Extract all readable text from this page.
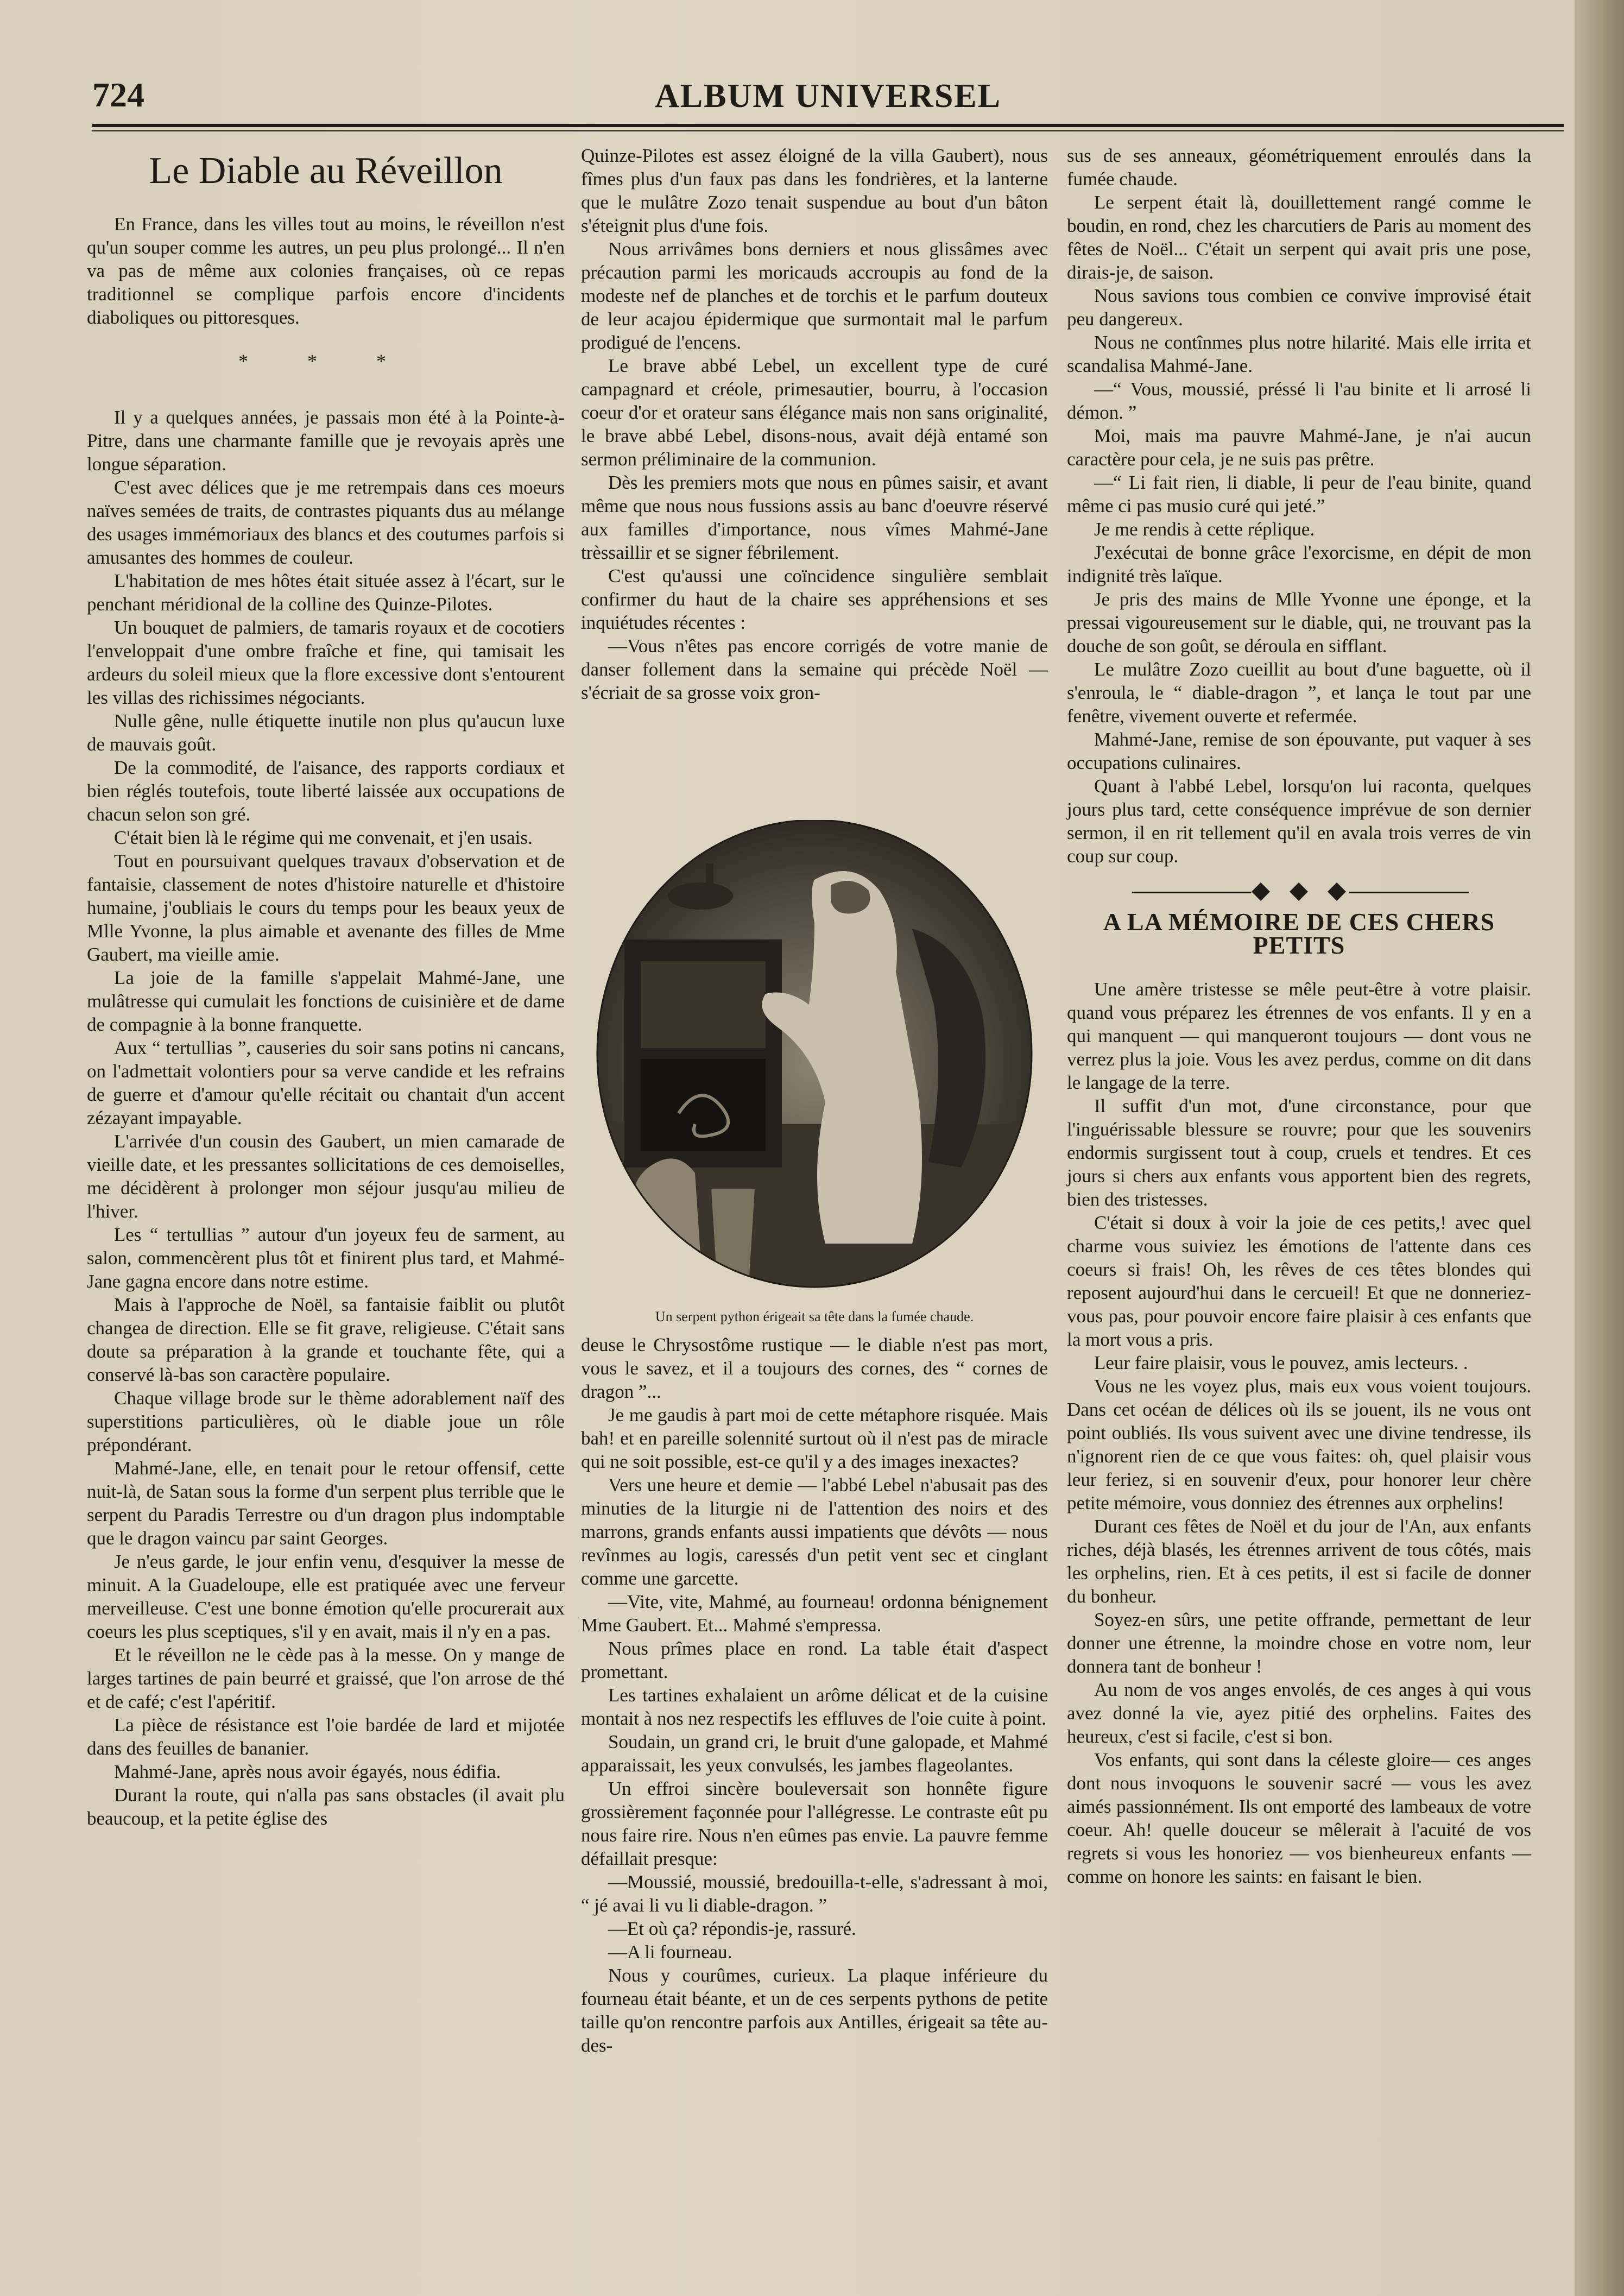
724	ALBUM UNIVERSEL
Le Diable au Réveillon

En France, dans les villes tout au moins, le réveillon n'est qu'un souper comme les autres, un peu plus prolongé... Il n'en va pas de même aux colonies françaises, où ce repas traditionnel se complique parfois encore d'incidents diaboliques ou pittoresques.

* * *

Il y a quelques années, je passais mon été à la Pointe-à-Pitre, dans une charmante famille que je revoyais après une longue séparation.

C'est avec délices que je me retrempais dans ces moeurs naïves semées de traits, de contrastes piquants dus au mélange des usages immémoriaux des blancs et des coutumes parfois si amusantes des hommes de couleur.

L'habitation de mes hôtes était située assez à l'écart, sur le penchant méridional de la colline des Quinze-Pilotes.

Un bouquet de palmiers, de tamaris royaux et de cocotiers l'enveloppait d'une ombre fraîche et fine, qui tamisait les ardeurs du soleil mieux que la flore excessive dont s'entourent les villas des richissimes négociants.

Nulle gêne, nulle étiquette inutile non plus qu'aucun luxe de mauvais goût.

De la commodité, de l'aisance, des rapports cordiaux et bien réglés toutefois, toute liberté laissée aux occupations de chacun selon son gré.

C'était bien là le régime qui me convenait, et j'en usais.

Tout en poursuivant quelques travaux d'observation et de fantaisie, classement de notes d'histoire naturelle et d'histoire humaine, j'oubliais le cours du temps pour les beaux yeux de Mlle Yvonne, la plus aimable et avenante des filles de Mme Gaubert, ma vieille amie.

La joie de la famille s'appelait Mahmé-Jane, une mulâtresse qui cumulait les fonctions de cuisinière et de dame de compagnie à la bonne franquette.

Aux “ tertullias ”, causeries du soir sans potins ni cancans, on l'admettait volontiers pour sa verve candide et les refrains de guerre et d'amour qu'elle récitait ou chantait d'un accent zézayant impayable.

L'arrivée d'un cousin des Gaubert, un mien camarade de vieille date, et les pressantes sollicitations de ces demoiselles, me décidèrent à prolonger mon séjour jusqu'au milieu de l'hiver.

Les “ tertullias ” autour d'un joyeux feu de sarment, au salon, commencèrent plus tôt et finirent plus tard, et Mahmé-Jane gagna encore dans notre estime.

Mais à l'approche de Noël, sa fantaisie faiblit ou plutôt changea de direction. Elle se fit grave, religieuse. C'était sans doute sa préparation à la grande et touchante fête, qui a conservé là-bas son caractère populaire.

Chaque village brode sur le thème adorablement naïf des superstitions particulières, où le diable joue un rôle prépondérant.

Mahmé-Jane, elle, en tenait pour le retour offensif, cette nuit-là, de Satan sous la forme d'un serpent plus terrible que le serpent du Paradis Terrestre ou d'un dragon plus indomptable que le dragon vaincu par saint Georges.

Je n'eus garde, le jour enfin venu, d'esquiver la messe de minuit. A la Guadeloupe, elle est pratiquée avec une ferveur merveilleuse. C'est une bonne émotion qu'elle procurerait aux coeurs les plus sceptiques, s'il y en avait, mais il n'y en a pas.

Et le réveillon ne le cède pas à la messe. On y mange de larges tartines de pain beurré et graissé, que l'on arrose de thé et de café; c'est l'apéritif.

La pièce de résistance est l'oie bardée de lard et mijotée dans des feuilles de bananier.

Mahmé-Jane, après nous avoir égayés, nous édifia.

Durant la route, qui n'alla pas sans obstacles (il avait plu beaucoup, et la petite église des

Quinze-Pilotes est assez éloigné de la villa Gaubert), nous fîmes plus d'un faux pas dans les fondrières, et la lanterne que le mulâtre Zozo tenait suspendue au bout d'un bâton s'éteignit plus d'une fois.

Nous arrivâmes bons derniers et nous glissâmes avec précaution parmi les moricauds accroupis au fond de la modeste nef de planches et de torchis et le parfum douteux de leur acajou épidermique que surmontait mal le parfum prodigué de l'encens.

Le brave abbé Lebel, un excellent type de curé campagnard et créole, primesautier, bourru, à l'occasion coeur d'or et orateur sans élégance mais non sans originalité, le brave abbé Lebel, disons-nous, avait déjà entamé son sermon préliminaire de la communion.

Dès les premiers mots que nous en pûmes saisir, et avant même que nous nous fussions assis au banc d'oeuvre réservé aux familles d'importance, nous vîmes Mahmé-Jane trèssaillir et se signer fébrilement.

C'est qu'aussi une coïncidence singulière semblait confirmer du haut de la chaire ses appréhensions et ses inquiétudes récentes :

—Vous n'êtes pas encore corrigés de votre manie de danser follement dans la semaine qui précède Noël — s'écriait de sa grosse voix gron-

Un serpent python érigeait sa tête dans la fumée chaude.

deuse le Chrysostôme rustique — le diable n'est pas mort, vous le savez, et il a toujours des cornes, des “ cornes de dragon ”...

Je me gaudis à part moi de cette métaphore risquée. Mais bah! et en pareille solennité surtout où il n'est pas de miracle qui ne soit possible, est-ce qu'il y a des images inexactes?

Vers une heure et demie — l'abbé Lebel n'abusait pas des minuties de la liturgie ni de l'attention des noirs et des marrons, grands enfants aussi impatients que dévôts — nous revînmes au logis, caressés d'un petit vent sec et cinglant comme une garcette.

—Vite, vite, Mahmé, au fourneau! ordonna bénignement Mme Gaubert. Et... Mahmé s'empressa.

Nous prîmes place en rond. La table était d'aspect promettant.

Les tartines exhalaient un arôme délicat et de la cuisine montait à nos nez respectifs les effluves de l'oie cuite à point.

Soudain, un grand cri, le bruit d'une galopade, et Mahmé apparaissait, les yeux convulsés, les jambes flageolantes.

Un effroi sincère bouleversait son honnête figure grossièrement façonnée pour l'allégresse. Le contraste eût pu nous faire rire. Nous n'en eûmes pas envie. La pauvre femme défaillait presque:

—Moussié, moussié, bredouilla-t-elle, s'adressant à moi, “ jé avai li vu li diable-dragon. ”

—Et où ça? répondis-je, rassuré.

—A li fourneau.

Nous y courûmes, curieux. La plaque inférieure du fourneau était béante, et un de ces serpents pythons de petite taille qu'on rencontre parfois aux Antilles, érigeait sa tête au-des-

sus de ses anneaux, géométriquement enroulés dans la fumée chaude.

Le serpent était là, douillettement rangé comme le boudin, en rond, chez les charcutiers de Paris au moment des fêtes de Noël... C'était un serpent qui avait pris une pose, dirais-je, de saison.

Nous savions tous combien ce convive improvisé était peu dangereux.

Nous ne contînmes plus notre hilarité. Mais elle irrita et scandalisa Mahmé-Jane.

—“ Vous, moussié, préssé li l'au binite et li arrosé li démon. ”

Moi, mais ma pauvre Mahmé-Jane, je n'ai aucun caractère pour cela, je ne suis pas prêtre.

—“ Li fait rien, li diable, li peur de l'eau binite, quand même ci pas musio curé qui jeté.”

Je me rendis à cette réplique.

J'exécutai de bonne grâce l'exorcisme, en dépit de mon indignité très laïque.

Je pris des mains de Mlle Yvonne une éponge, et la pressai vigoureusement sur le diable, qui, ne trouvant pas la douche de son goût, se déroula en sifflant.

Le mulâtre Zozo cueillit au bout d'une baguette, où il s'enroula, le “ diable-dragon ”, et lança le tout par une fenêtre, vivement ouverte et refermée.

Mahmé-Jane, remise de son épouvante, put vaquer à ses occupations culinaires.

Quant à l'abbé Lebel, lorsqu'on lui raconta, quelques jours plus tard, cette conséquence imprévue de son dernier sermon, il en rit tellement qu'il en avala trois verres de vin coup sur coup.

A LA MÉMOIRE DE CES CHERS PETITS

Une amère tristesse se mêle peut-être à votre plaisir. quand vous préparez les étrennes de vos enfants. Il y en a qui manquent — qui manqueront toujours — dont vous ne verrez plus la joie. Vous les avez perdus, comme on dit dans le langage de la terre.

Il suffit d'un mot, d'une circonstance, pour que l'inguérissable blessure se rouvre; pour que les souvenirs endormis surgissent tout à coup, cruels et tendres. Et ces jours si chers aux enfants vous apportent bien des regrets, bien des tristesses.

C'était si doux à voir la joie de ces petits,! avec quel charme vous suiviez les émotions de l'attente dans ces coeurs si frais! Oh, les rêves de ces têtes blondes qui reposent aujourd'hui dans le cercueil! Et que ne donneriez-vous pas, pour pouvoir encore faire plaisir à ces enfants que la mort vous a pris.

Leur faire plaisir, vous le pouvez, amis lecteurs. .

Vous ne les voyez plus, mais eux vous voient toujours. Dans cet océan de délices où ils se jouent, ils ne vous ont point oubliés. Ils vous suivent avec une divine tendresse, ils n'ignorent rien de ce que vous faites: oh, quel plaisir vous leur feriez, si en souvenir d'eux, pour honorer leur chère petite mémoire, vous donniez des étrennes aux orphelins!

Durant ces fêtes de Noël et du jour de l'An, aux enfants riches, déjà blasés, les étrennes arrivent de tous côtés, mais les orphelins, rien. Et à ces petits, il est si facile de donner du bonheur.

Soyez-en sûrs, une petite offrande, permettant de leur donner une étrenne, la moindre chose en votre nom, leur donnera tant de bonheur !

Au nom de vos anges envolés, de ces anges à qui vous avez donné la vie, ayez pitié des orphelins. Faites des heureux, c'est si facile, c'est si bon.

Vos enfants, qui sont dans la céleste gloire— ces anges dont nous invoquons le souvenir sacré — vous les avez aimés passionnément. Ils ont emporté des lambeaux de votre coeur. Ah! quelle douceur se mêlerait à l'acuité de vos regrets si vous les honoriez — vos bienheureux enfants — comme on honore les saints: en faisant le bien.
